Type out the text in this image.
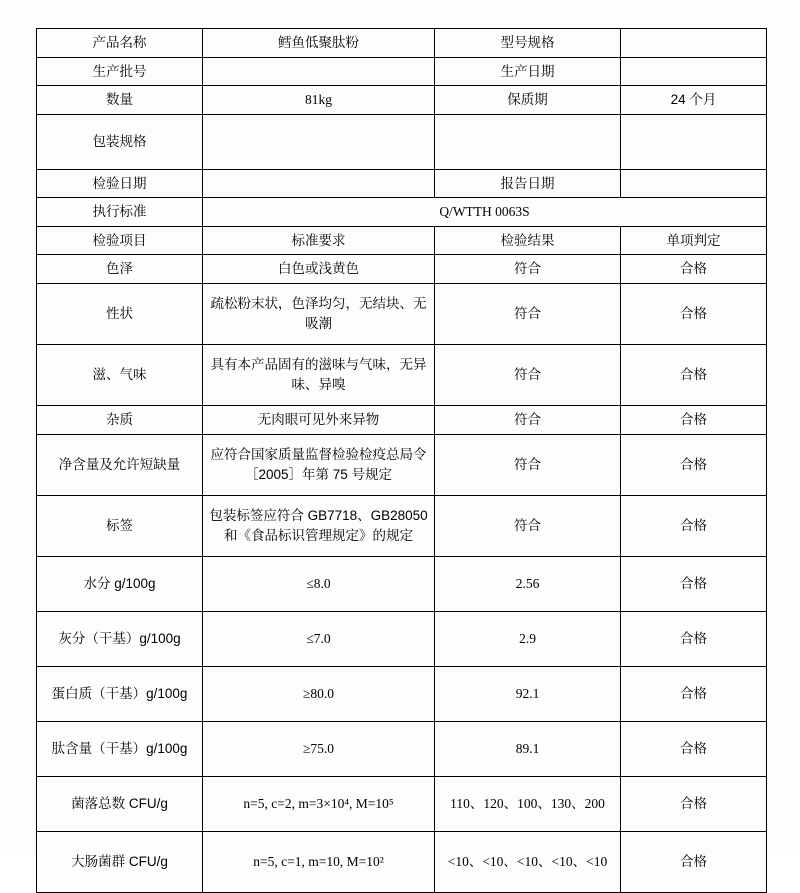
产品名称	鳕鱼低聚肽粉	型号规格	
生产批号		生产日期	
数量	81kg	保质期	24 个月
包装规格			
检验日期		报告日期	
执行标准	Q/WTTH 0063S		
检验项目	标准要求	检验结果	单项判定
色泽	白色或浅黄色	符合	合格
性状	疏松粉末状，色泽均匀，无结块、无吸潮	符合	合格
滋、气味	具有本产品固有的滋味与气味，无异味、异嗅	符合	合格
杂质	无肉眼可见外来异物	符合	合格
净含量及允许短缺量	应符合国家质量监督检验检疫总局令［2005］年第 75 号规定	符合	合格
标签	包装标签应符合 GB7718、GB28050 和《食品标识管理规定》的规定	符合	合格
水分 g/100g	≤8.0	2.56	合格
灰分（干基）g/100g	≤7.0	2.9	合格
蛋白质（干基）g/100g	≥80.0	92.1	合格
肽含量（干基）g/100g	≥75.0	89.1	合格
菌落总数 CFU/g	n=5, c=2, m=3×10⁴, M=10⁵	110、120、100、130、200	合格
大肠菌群 CFU/g	n=5, c=1, m=10, M=10²	<10、<10、<10、<10、<10	合格
